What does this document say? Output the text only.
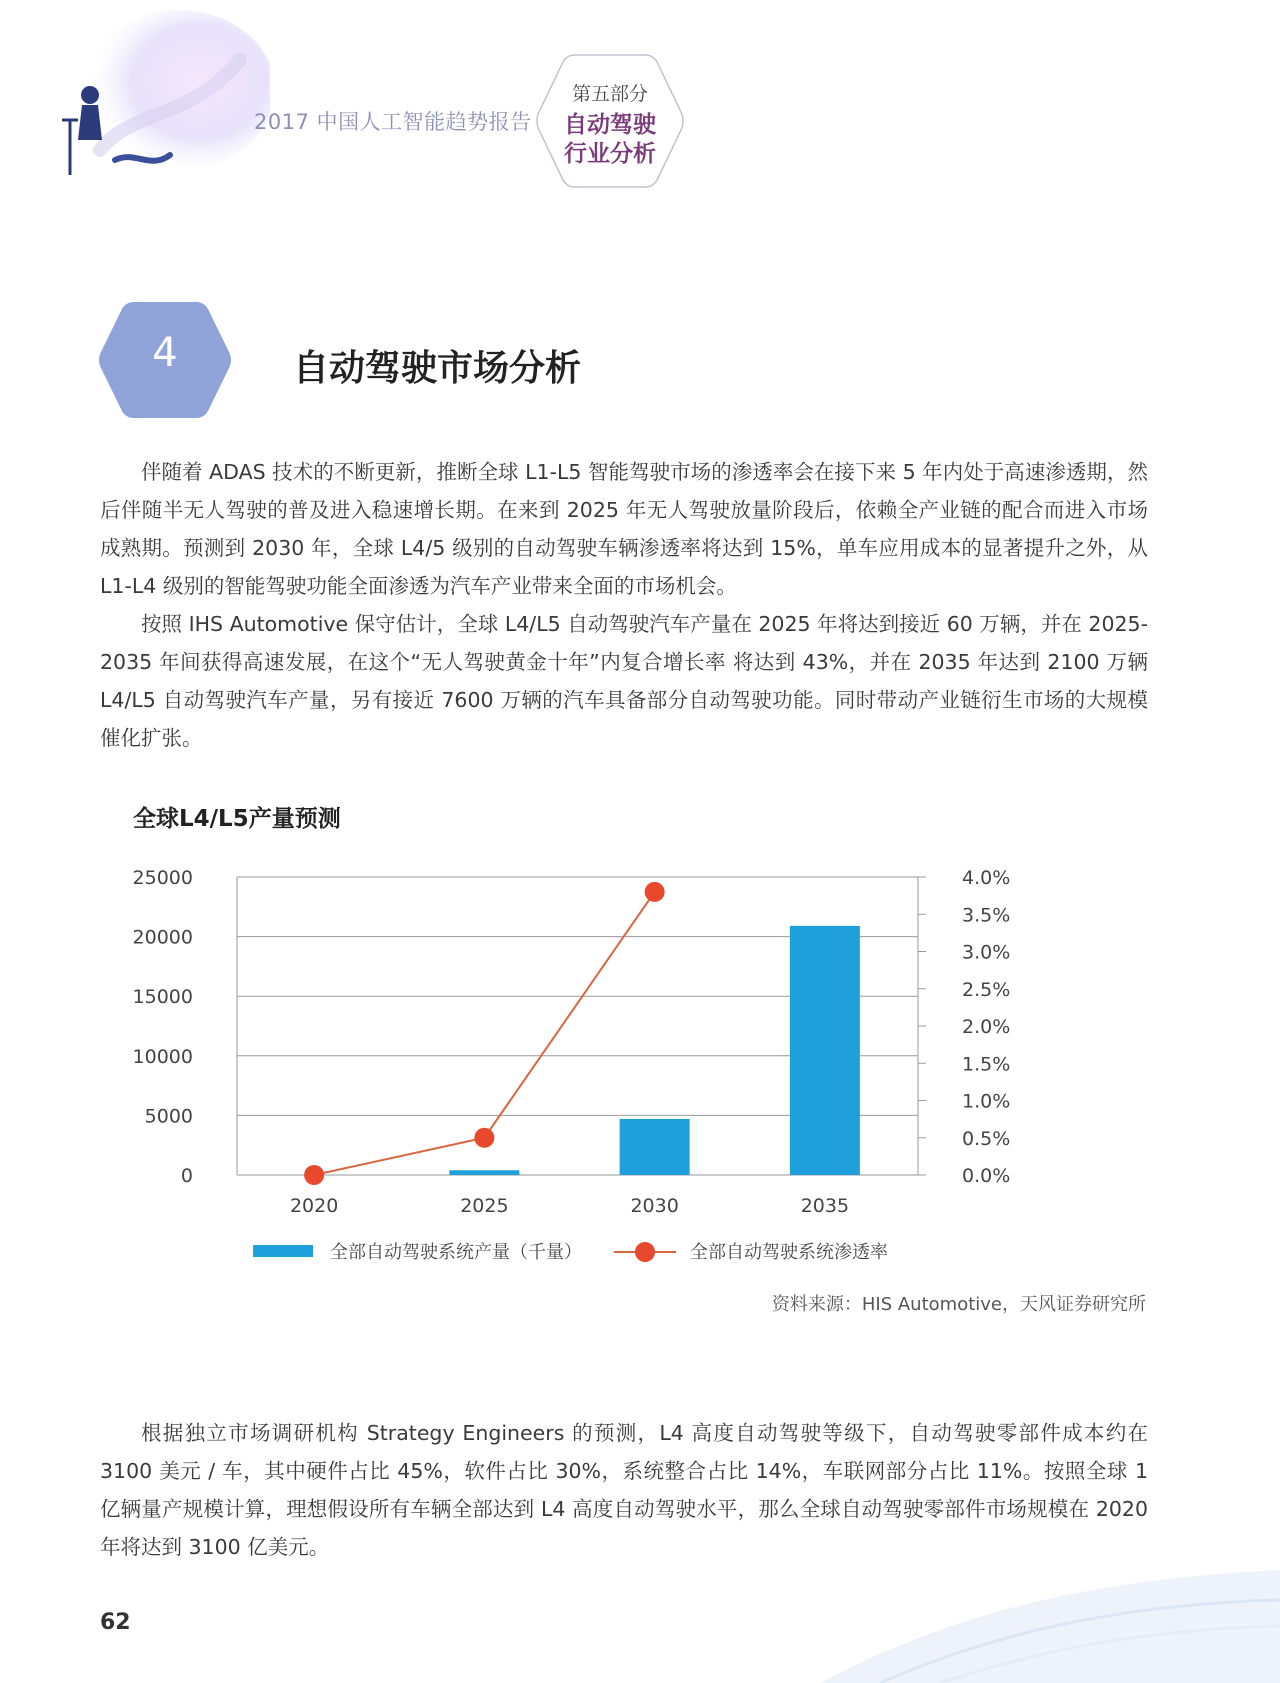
2017 中国人工智能趋势报告
第五部分
自动驾驶
行业分析
4	自动驾驶市场分析

伴随着 ADAS 技术的不断更新，推断全球 L1-L5 智能驾驶市场的渗透率会在接下来 5 年内处于高速渗透期，然后伴随半无人驾驶的普及进入稳速增长期。在来到 2025 年无人驾驶放量阶段后，依赖全产业链的配合而进入市场成熟期。预测到 2030 年，全球 L4/5 级别的自动驾驶车辆渗透率将达到 15%，单车应用成本的显著提升之外，从 L1-L4 级别的智能驾驶功能全面渗透为汽车产业带来全面的市场机会。

按照 IHS Automotive 保守估计，全球 L4/L5 自动驾驶汽车产量在 2025 年将达到接近 60 万辆，并在 2025-2035 年间获得高速发展，在这个“无人驾驶黄金十年”内复合增长率 将达到 43%，并在 2035 年达到 2100 万辆 L4/L5 自动驾驶汽车产量，另有接近 7600 万辆的汽车具备部分自动驾驶功能。同时带动产业链衍生市场的大规模催化扩张。

全球L4/L5产量预测
0
5000
10000
15000
20000
25000
0.0%
0.5%
1.0%
1.5%
2.0%
2.5%
3.0%
3.5%
4.0%
2020	2025	2030	2035
全部自动驾驶系统产量（千量）	全部自动驾驶系统渗透率
资料来源：HIS Automotive，天风证券研究所

根据独立市场调研机构 Strategy Engineers 的预测，L4 高度自动驾驶等级下，自动驾驶零部件成本约在 3100 美元 / 车，其中硬件占比 45%，软件占比 30%，系统整合占比 14%，车联网部分占比 11%。按照全球 1 亿辆量产规模计算，理想假设所有车辆全部达到 L4 高度自动驾驶水平，那么全球自动驾驶零部件市场规模在 2020 年将达到 3100 亿美元。

62
